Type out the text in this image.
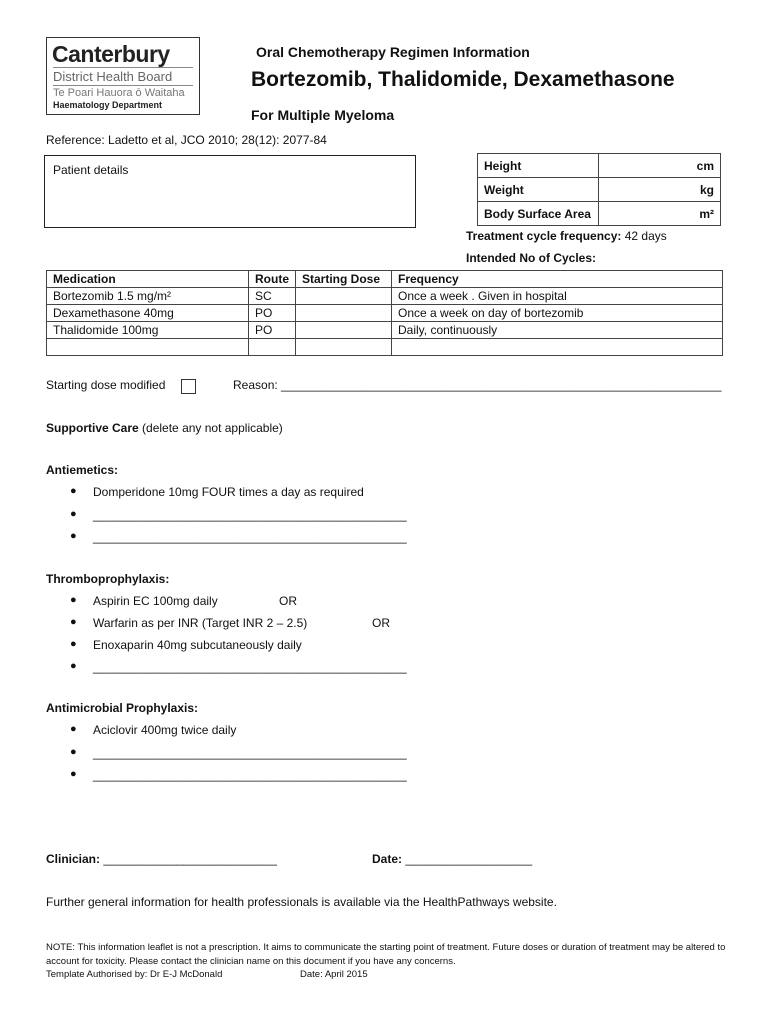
Canterbury
District Health Board
Te Poari Hauora ō Waitaha
Haematology Department
Oral Chemotherapy Regimen Information
Bortezomib, Thalidomide, Dexamethasone
For Multiple Myeloma
Reference: Ladetto et al, JCO 2010; 28(12): 2077-84
Patient details	Height	cm
Weight	kg
Body Surface Area	m²
Treatment cycle frequency: 42 days
Intended No of Cycles:
Medication	Route	Starting Dose	Frequency
Bortezomib 1.5 mg/m²	SC		Once a week . Given in hospital
Dexamethasone 40mg	PO		Once a week on day of bortezomib
Thalidomide 100mg	PO		Daily, continuously

Starting dose modified	Reason: __________________________________________________________________
Supportive Care (delete any not applicable)
Antiemetics:
● Domperidone 10mg FOUR times a day as required
● _______________________________________________
● _______________________________________________
Thromboprophylaxis:
● Aspirin EC 100mg daily	OR
● Warfarin as per INR (Target INR 2 – 2.5)	OR
● Enoxaparin 40mg subcutaneously daily
● _______________________________________________
Antimicrobial Prophylaxis:
● Aciclovir 400mg twice daily
● _______________________________________________
● _______________________________________________
Clinician: __________________________	Date: ___________________
Further general information for health professionals is available via the HealthPathways website.
NOTE: This information leaflet is not a prescription. It aims to communicate the starting point of treatment. Future doses or duration of treatment may be altered to account for toxicity. Please contact the clinician name on this document if you have any concerns.
Template Authorised by: Dr E-J McDonald	Date: April 2015
